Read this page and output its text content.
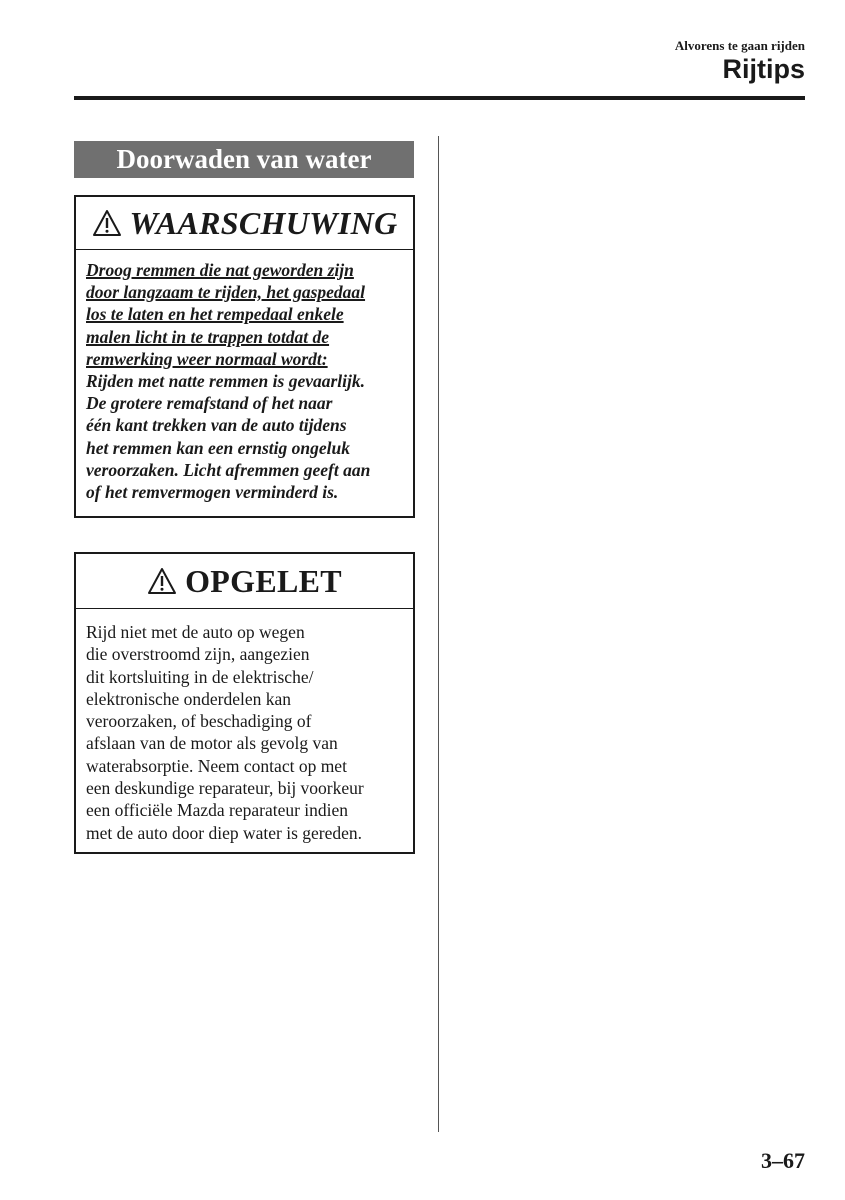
Alvorens te gaan rijden
Rijtips
Doorwaden van water
WAARSCHUWING
Droog remmen die nat geworden zijn
door langzaam te rijden, het gaspedaal
los te laten en het rempedaal enkele
malen licht in te trappen totdat de
remwerking weer normaal wordt:
Rijden met natte remmen is gevaarlijk.
De grotere remafstand of het naar
één kant trekken van de auto tijdens
het remmen kan een ernstig ongeluk
veroorzaken. Licht afremmen geeft aan
of het remvermogen verminderd is.
OPGELET
Rijd niet met de auto op wegen
die overstroomd zijn, aangezien
dit kortsluiting in de elektrische/
elektronische onderdelen kan
veroorzaken, of beschadiging of
afslaan van de motor als gevolg van
waterabsorptie. Neem contact op met
een deskundige reparateur, bij voorkeur
een officiële Mazda reparateur indien
met de auto door diep water is gereden.
3–67
